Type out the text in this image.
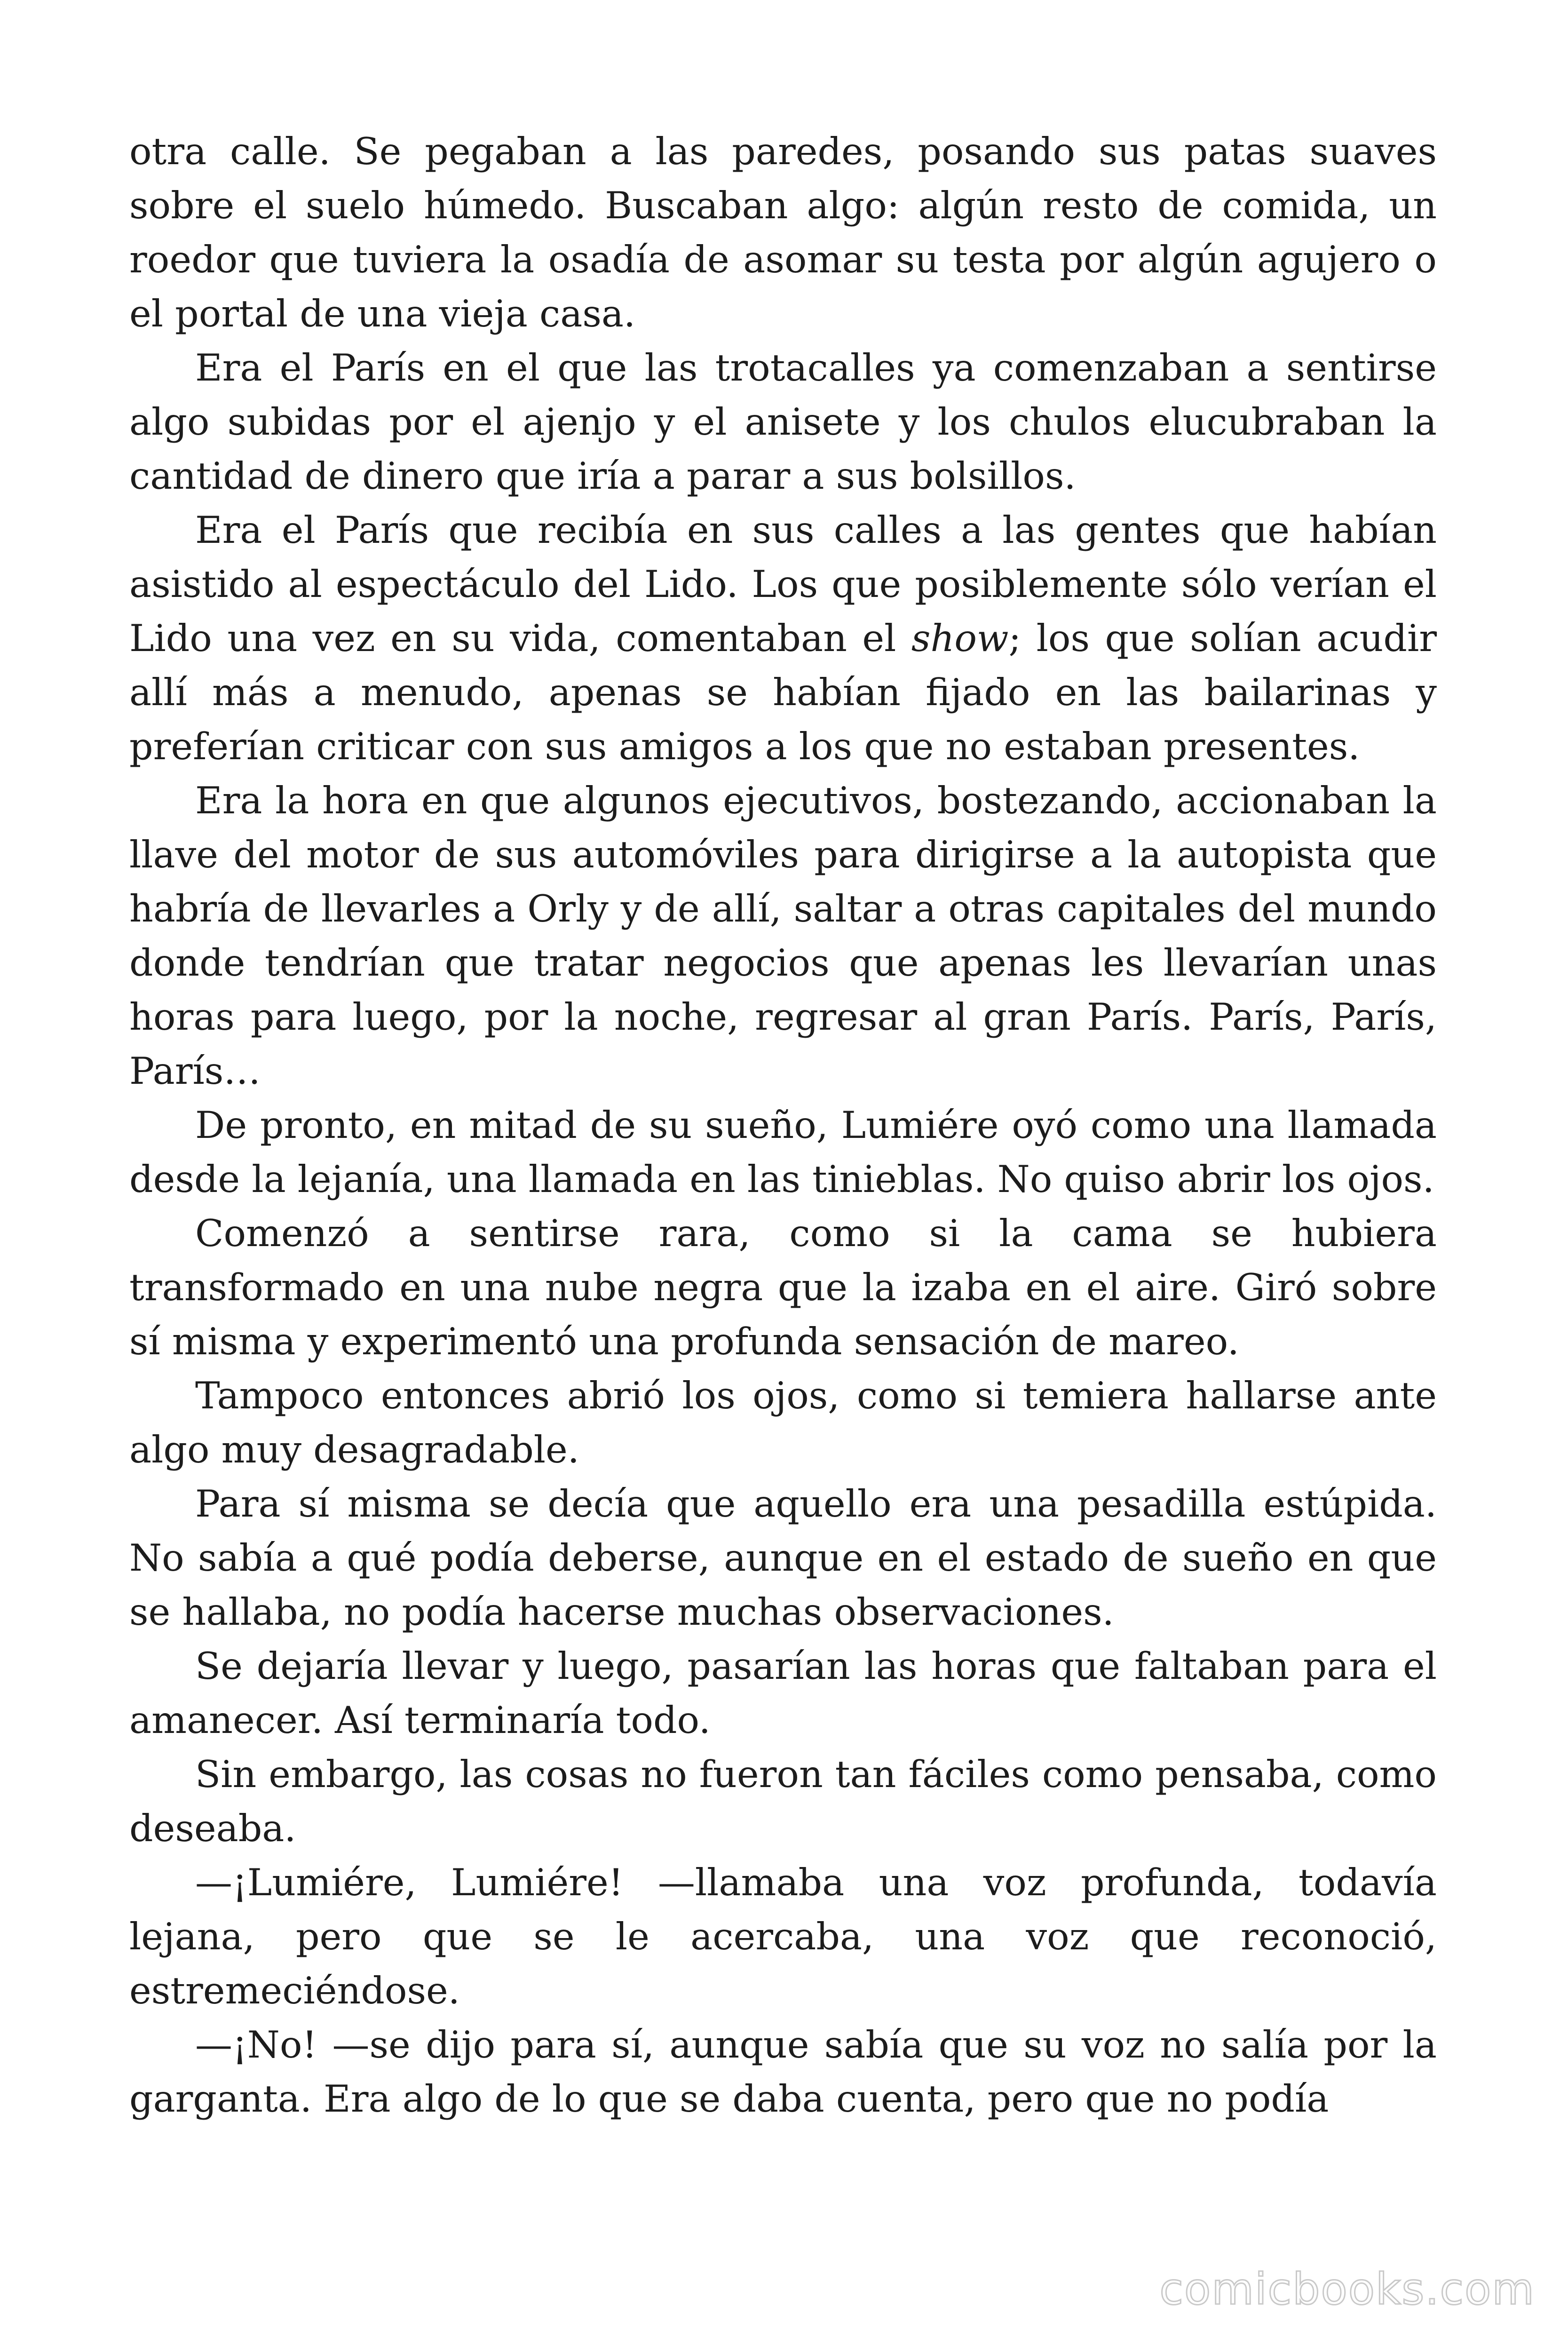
otra calle. Se pegaban a las paredes, posando sus patas suaves sobre el suelo húmedo. Buscaban algo: algún resto de comida, un roedor que tuviera la osadía de asomar su testa por algún agujero o el portal de una vieja casa.

Era el París en el que las trotacalles ya comenzaban a sentirse algo subidas por el ajenjo y el anisete y los chulos elucubraban la cantidad de dinero que iría a parar a sus bolsillos.

Era el París que recibía en sus calles a las gentes que habían asistido al espectáculo del Lido. Los que posiblemente sólo verían el Lido una vez en su vida, comentaban el show; los que solían acudir allí más a menudo, apenas se habían fijado en las bailarinas y preferían criticar con sus amigos a los que no estaban presentes.

Era la hora en que algunos ejecutivos, bostezando, accionaban la llave del motor de sus automóviles para dirigirse a la autopista que habría de llevarles a Orly y de allí, saltar a otras capitales del mundo donde tendrían que tratar negocios que apenas les llevarían unas horas para luego, por la noche, regresar al gran París. París, París, París…

De pronto, en mitad de su sueño, Lumiére oyó como una llamada desde la lejanía, una llamada en las tinieblas. No quiso abrir los ojos.

Comenzó a sentirse rara, como si la cama se hubiera transformado en una nube negra que la izaba en el aire. Giró sobre sí misma y experimentó una profunda sensación de mareo.

Tampoco entonces abrió los ojos, como si temiera hallarse ante algo muy desagradable.

Para sí misma se decía que aquello era una pesadilla estúpida. No sabía a qué podía deberse, aunque en el estado de sueño en que se hallaba, no podía hacerse muchas observaciones.

Se dejaría llevar y luego, pasarían las horas que faltaban para el amanecer. Así terminaría todo.

Sin embargo, las cosas no fueron tan fáciles como pensaba, como deseaba.

—¡Lumiére, Lumiére! —llamaba una voz profunda, todavía lejana, pero que se le acercaba, una voz que reconoció, estremeciéndose.

—¡No! —se dijo para sí, aunque sabía que su voz no salía por la garganta. Era algo de lo que se daba cuenta, pero que no podía

comicbooks.com
